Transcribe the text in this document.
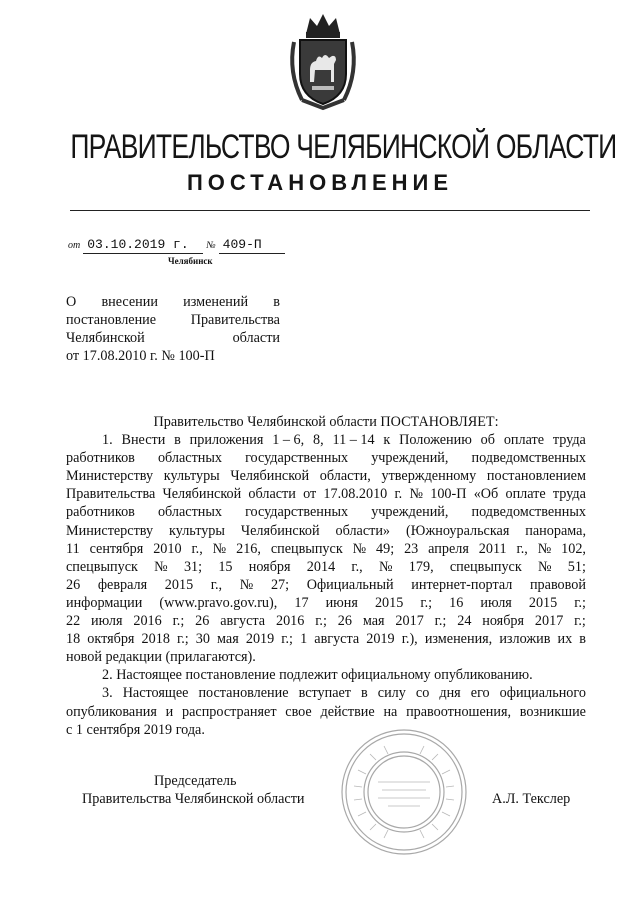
ПРАВИТЕЛЬСТВО ЧЕЛЯБИНСКОЙ ОБЛАСТИ
ПОСТАНОВЛЕНИЕ
от 03.10.2019 г. № 409-П
Челябинск
О внесении изменений в
постановление Правительства
Челябинской	области
от 17.08.2010 г. № 100-П
Правительство Челябинской области ПОСТАНОВЛЯЕТ:
1. Внести в приложения 1 – 6, 8, 11 – 14 к Положению об оплате труда
работников областных государственных учреждений, подведомственных
Министерству культуры Челябинской области, утвержденному постановлением
Правительства Челябинской области от 17.08.2010 г. № 100-П «Об оплате труда
работников областных государственных учреждений, подведомственных
Министерству культуры Челябинской области» (Южноуральская панорама,
11 сентября 2010 г., № 216, спецвыпуск № 49; 23 апреля 2011 г., № 102,
спецвыпуск № 31; 15 ноября 2014 г., № 179, спецвыпуск № 51;
26 февраля 2015 г., № 27; Официальный интернет-портал правовой
информации (www.pravo.gov.ru), 17 июня 2015 г.; 16 июля 2015 г.;
22 июля 2016 г.; 26 августа 2016 г.; 26 мая 2017 г.; 24 ноября 2017 г.;
18 октября 2018 г.; 30 мая 2019 г.; 1 августа 2019 г.), изменения, изложив их в
новой редакции (прилагаются).
2. Настоящее постановление подлежит официальному опубликованию.
3. Настоящее постановление вступает в силу со дня его официального
опубликования и распространяет свое действие на правоотношения, возникшие
с 1 сентября 2019 года.
Председатель
Правительства Челябинской области	А.Л. Текслер
